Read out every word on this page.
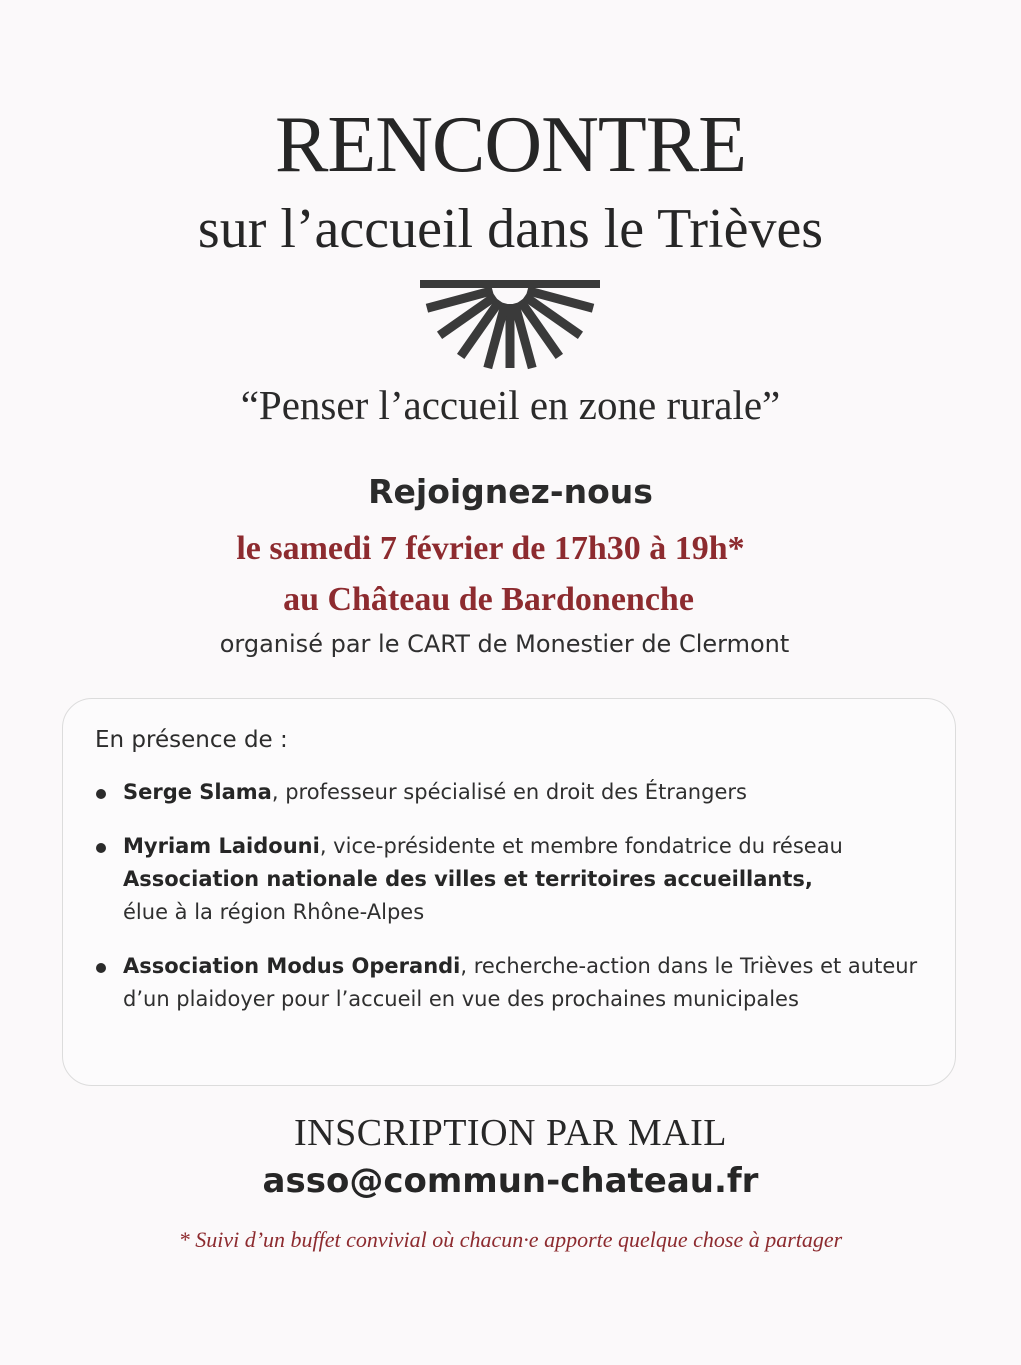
RENCONTRE
sur l’accueil dans le Trièves
“Penser l’accueil en zone rurale”
Rejoignez-nous
le samedi 7 février de 17h30 à 19h*
au Château de Bardonenche
organisé par le CART de Monestier de Clermont
En présence de :
Serge Slama, professeur spécialisé en droit des Étrangers
Myriam Laidouni, vice-présidente et membre fondatrice du réseau
Association nationale des villes et territoires accueillants,
élue à la région Rhône-Alpes
Association Modus Operandi, recherche-action dans le Trièves et auteur d’un plaidoyer pour l’accueil en vue des prochaines municipales
INSCRIPTION PAR MAIL
asso@commun-chateau.fr
* Suivi d’un buffet convivial où chacun·e apporte quelque chose à partager
